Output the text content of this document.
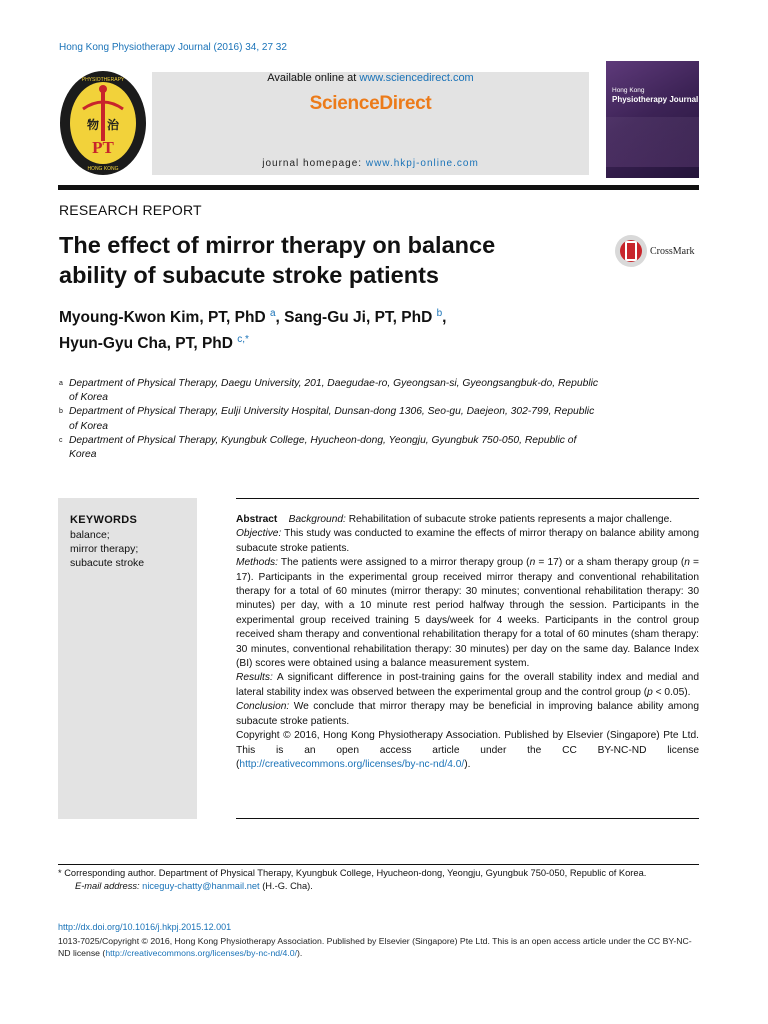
Hong Kong Physiotherapy Journal (2016) 34, 27 32
物 治
PT
PHYSIOTHERAPY
HONG KONG
Available online at www.sciencedirect.com
ScienceDirect
journal homepage: www.hkpj-online.com
Hong Kong
Physiotherapy Journal
RESEARCH REPORT
The effect of mirror therapy on balance
ability of subacute stroke patients
CrossMark
Myoung-Kwon Kim, PT, PhD $^a$, Sang-Gu Ji, PT, PhD $^b$,
Hyun-Gyu Cha, PT, PhD $^{c,*}$
a Department of Physical Therapy, Daegu University, 201, Daegudae-ro, Gyeongsan-si, Gyeongsangbuk-do, Republic of Korea
b Department of Physical Therapy, Eulji University Hospital, Dunsan-dong 1306, Seo-gu, Daejeon, 302-799, Republic of Korea
c Department of Physical Therapy, Kyungbuk College, Hyucheon-dong, Yeongju, Gyungbuk 750-050, Republic of Korea
KEYWORDS
balance;
mirror therapy;
subacute stroke
Abstract Background: Rehabilitation of subacute stroke patients represents a major challenge.
Objective: This study was conducted to examine the effects of mirror therapy on balance ability among subacute stroke patients.
Methods: The patients were assigned to a mirror therapy group (n = 17) or a sham therapy group (n = 17). Participants in the experimental group received mirror therapy and conventional rehabilitation therapy for a total of 60 minutes (mirror therapy: 30 minutes; conventional rehabilitation therapy: 30 minutes) per day, with a 10 minute rest period halfway through the session. Participants in the experimental group received training 5 days/week for 4 weeks. Participants in the control group received sham therapy and conventional rehabilitation therapy for a total of 60 minutes (sham therapy: 30 minutes, conventional rehabilitation therapy: 30 minutes) per day on the same day. Balance Index (BI) scores were obtained using a balance measurement system.
Results: A significant difference in post-training gains for the overall stability index and medial and lateral stability index was observed between the experimental group and the control group (p < 0.05).
Conclusion: We conclude that mirror therapy may be beneficial in improving balance ability among subacute stroke patients.
Copyright © 2016, Hong Kong Physiotherapy Association. Published by Elsevier (Singapore) Pte Ltd. This is an open access article under the CC BY-NC-ND license (http://creativecommons.org/licenses/by-nc-nd/4.0/).
* Corresponding author. Department of Physical Therapy, Kyungbuk College, Hyucheon-dong, Yeongju, Gyungbuk 750-050, Republic of Korea.
E-mail address: niceguy-chatty@hanmail.net (H.-G. Cha).
http://dx.doi.org/10.1016/j.hkpj.2015.12.001
1013-7025/Copyright © 2016, Hong Kong Physiotherapy Association. Published by Elsevier (Singapore) Pte Ltd. This is an open access article under the CC BY-NC-ND license (http://creativecommons.org/licenses/by-nc-nd/4.0/).
